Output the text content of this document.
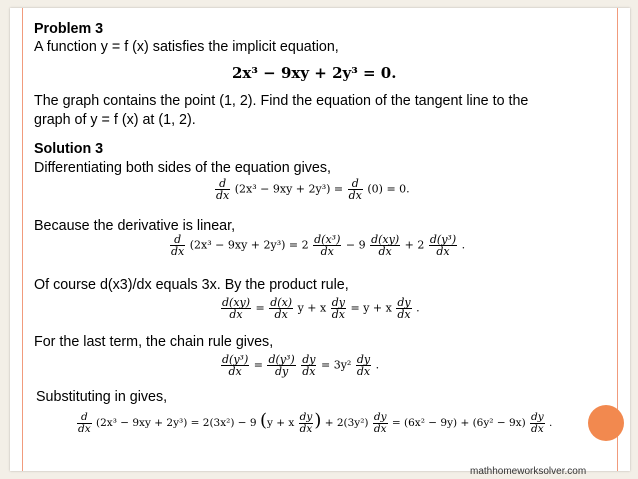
Problem 3
A function y = f (x) satisfies the implicit equation,
2x³ − 9xy + 2y³ = 0.
The graph contains the point (1, 2). Find the equation of the tangent line to the
graph of y = f (x) at (1, 2).
Solution 3
Differentiating both sides of the equation gives,
$\frac{d}{dx} (2x^3 - 9xy + 2y^3) = \frac{d}{dx} (0) = 0$.
Because the derivative is linear,
$\frac{d}{dx} (2x^3 - 9xy + 2y^3) = 2 \frac{\text{d(x³)}}{dx} - 9 \frac{d(xy)}{dx} + 2 \frac{\text{d(y³)}}{dx}$ .
Of course d(x3)/dx equals 3x. By the product rule,
$\frac{d(xy)}{dx} = \frac{d(x)}{dx}$ y + x $\frac{dy}{dx} = y + x \frac{dy}{dx}$ .
For the last term, the chain rule gives,
$\frac{\text{d(y³)}}{dx} = \frac{\text{d(y³)}}{dy}$
$\frac{dy}{dx} = 3y^2 \frac{dy}{dx}$ .
Substituting in gives,
$\frac{d}{dx} (2x^3 - 9xy + 2y^3) = 2(3x^2) - 9$ (y + x $\frac{dy}{dx}$ ) + $2(3y^2) \frac{dy}{dx} = (6x^2 - 9y) + (6y^2 - 9x) \frac{dy}{dx}$ .
mathhomeworksolver.com
